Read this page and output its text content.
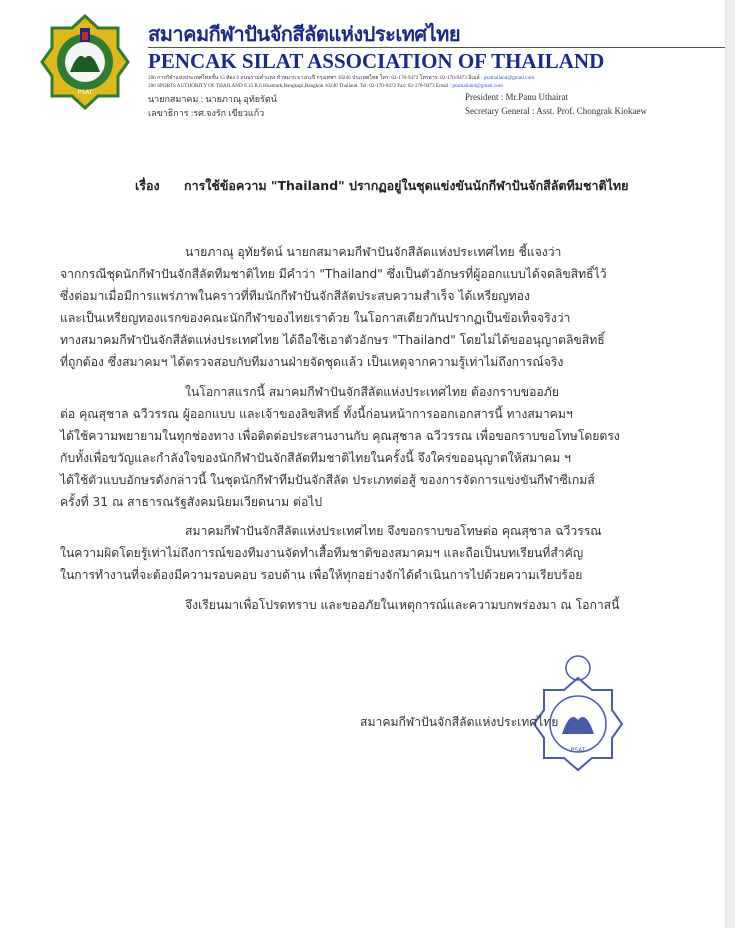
PSAT
สมาคมกีฬาปันจักสีลัตแห่งประเทศไทย
PENCAK SILAT ASSOCIATION OF THAILAND
206 การกีฬาแห่งประเทศไทยชั้น 15 ห้อง 6 ถนนรามคำแหง หัวหมาก บางกะปิ กรุงเทพฯ 10240 ประเทศไทย โทร: 02-170-9472 โทรสาร: 02-170-9473 อีเมล์ : psathailand@gmail.com
206 SPORTS AUTHORITY OF THAILAND F.15 R.6 Huamark,Bangkapi,Bangkok 10240 Thailand. Tel: 02-170-9472 Fax: 02-170-9473 Email : psathailand@gmail.com
นายกสมาคม : นายภาณุ อุทัยรัตน์
เลขาธิการ :รศ.จงรัก เขียวแก้ว
President : Mr.Panu Uthairat
Secretary General : Asst. Prof. Chongrak Kiokaew
เรื่อง การใช้ข้อความ "Thailand" ปรากฏอยู่ในชุดแข่งขันนักกีฬาปันจักสีลัตทีมชาติไทย
นายภาณุ อุทัยรัตน์ นายกสมาคมกีฬาปันจักสีลัตแห่งประเทศไทย ชี้แจงว่า
จากกรณีชุดนักกีฬาปันจักสีลัตทีมชาติไทย มีคำว่า "Thailand" ซึ่งเป็นตัวอักษรที่ผู้ออกแบบได้จดลิขสิทธิ์ไว้
ซึ่งต่อมาเมื่อมีการแพร่ภาพในคราวที่ทีมนักกีฬาปันจักสีลัตประสบความสำเร็จ ได้เหรียญทอง
และเป็นเหรียญทองแรกของคณะนักกีฬาของไทยเราด้วย ในโอกาสเดียวกันปรากฏเป็นข้อเท็จจริงว่า
ทางสมาคมกีฬาปันจักสีลัตแห่งประเทศไทย ได้ถือใช้เอาตัวอักษร "Thailand" โดยไม่ได้ขออนุญาตลิขสิทธิ์
ที่ถูกต้อง ซึ่งสมาคมฯ ได้ตรวจสอบกับทีมงานฝ่ายจัดชุดแล้ว เป็นเหตุจากความรู้เท่าไม่ถึงการณ์จริง
ในโอกาสแรกนี้ สมาคมกีฬาปันจักสีลัตแห่งประเทศไทย ต้องกราบขออภัย
ต่อ คุณสุชาล ฉวีวรรณ ผู้ออกแบบ และเจ้าของลิขสิทธิ์ ทั้งนี้ก่อนหน้าการออกเอกสารนี้ ทางสมาคมฯ
ได้ใช้ความพยายามในทุกช่องทาง เพื่อติดต่อประสานงานกับ คุณสุชาล ฉวีวรรณ เพื่อขอกราบขอโทษโดยตรง
กับทั้งเพื่อขวัญและกำลังใจของนักกีฬาปันจักสีลัตทีมชาติไทยในครั้งนี้ จึงใคร่ขออนุญาตให้สมาคม ฯ
ได้ใช้ตัวแบบอักษรดังกล่าวนี้ ในชุดนักกีฬาทีมปันจักสีลัต ประเภทต่อสู้ ของการจัดการแข่งขันกีฬาซีเกมส์
ครั้งที่ 31 ณ สาธารณรัฐสังคมนิยมเวียดนาม ต่อไป
สมาคมกีฬาปันจักสีลัตแห่งประเทศไทย จึงขอกราบขอโทษต่อ คุณสุชาล ฉวีวรรณ
ในความผิดโดยรู้เท่าไม่ถึงการณ์ของทีมงานจัดทำเสื้อทีมชาติของสมาคมฯ และถือเป็นบทเรียนที่สำคัญ
ในการทำงานที่จะต้องมีความรอบคอบ รอบด้าน เพื่อให้ทุกอย่างจักได้ดำเนินการไปด้วยความเรียบร้อย
จึงเรียนมาเพื่อโปรดทราบ และขออภัยในเหตุการณ์และความบกพร่องมา ณ โอกาสนี้
สมาคมกีฬาปันจักสีลัตแห่งประเทศไทย
PSAT
